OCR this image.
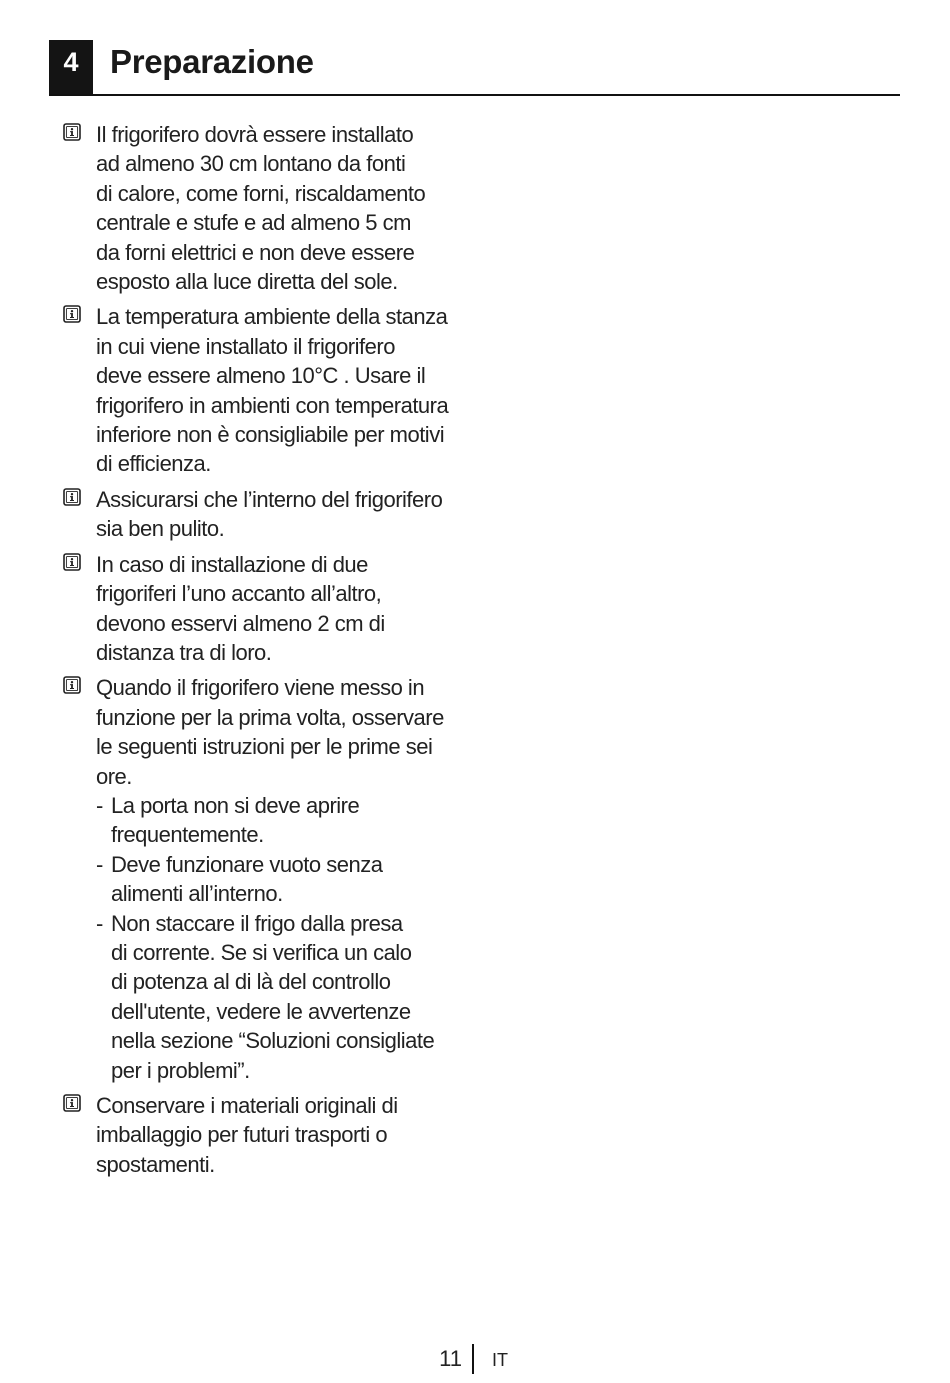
4 Preparazione
Il frigorifero dovrà essere installato
ad almeno 30 cm lontano da fonti
di calore, come forni, riscaldamento
centrale e stufe e ad almeno 5 cm
da forni elettrici e non deve essere
esposto alla luce diretta del sole.
La temperatura ambiente della stanza
in cui viene installato il frigorifero
deve essere almeno 10°C . Usare il
frigorifero in ambienti con temperatura
inferiore non è consigliabile per motivi
di efficienza.
Assicurarsi che l’interno del frigorifero
sia ben pulito.
In caso di installazione di due
frigoriferi l’uno accanto all’altro,
devono esservi almeno 2 cm di
distanza tra di loro.
Quando il frigorifero viene messo in
funzione per la prima volta, osservare
le seguenti istruzioni per le prime sei
ore.
- La porta non si deve aprire
frequentemente.
- Deve funzionare vuoto senza
alimenti all’interno.
- Non staccare il frigo dalla presa
di corrente. Se si verifica un calo
di potenza al di là del controllo
dell'utente, vedere le avvertenze
nella sezione “Soluzioni consigliate
per i problemi”.
Conservare i materiali originali di
imballaggio per futuri trasporti o
spostamenti.
11 IT
